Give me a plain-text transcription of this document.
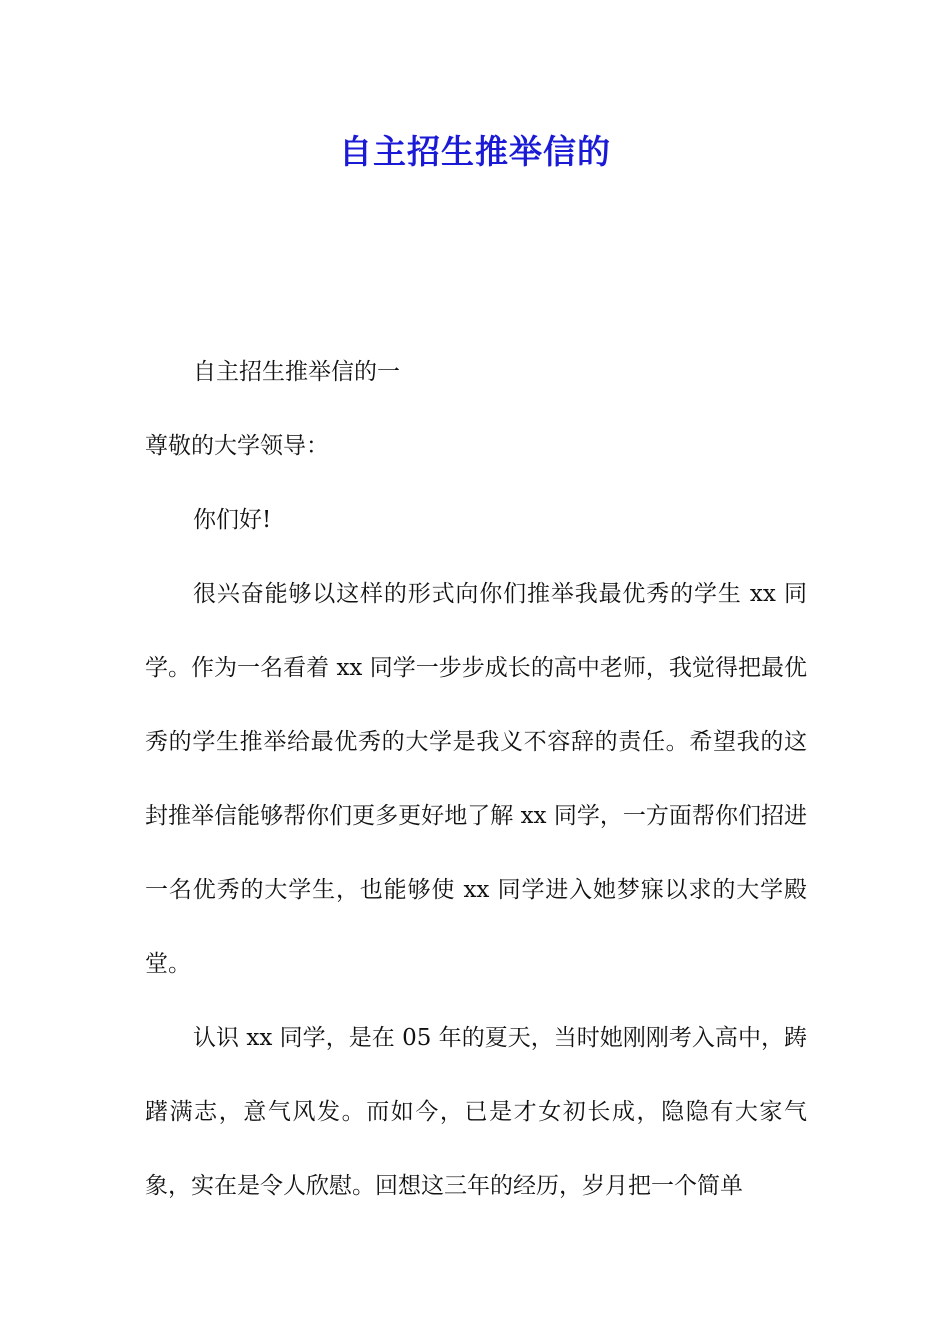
自主招生推举信的

自主招生推举信的一

尊敬的大学领导：

你们好!

很兴奋能够以这样的形式向你们推举我最优秀的学生 xx 同学。作为一名看着 xx 同学一步步成长的高中老师，我觉得把最优秀的学生推举给最优秀的大学是我义不容辞的责任。希望我的这封推举信能够帮你们更多更好地了解 xx 同学，一方面帮你们招进一名优秀的大学生，也能够使 xx 同学进入她梦寐以求的大学殿堂。

认识 xx 同学，是在 05 年的夏天，当时她刚刚考入高中，踌躇满志，意气风发。而如今，已是才女初长成，隐隐有大家气象，实在是令人欣慰。回想这三年的经历，岁月把一个简单
